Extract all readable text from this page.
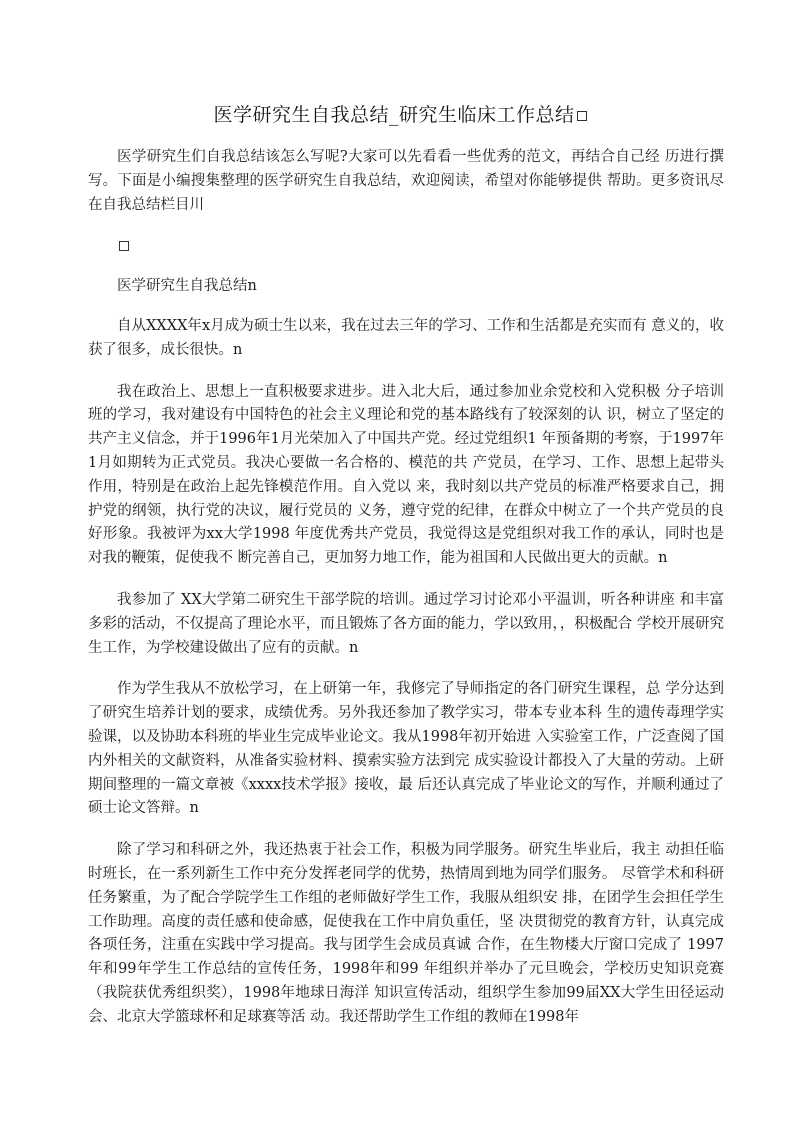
医学研究生自我总结_研究生临床工作总结

医学研究生们自我总结该怎么写呢?大家可以先看看一些优秀的范文，再结合自己经 历进行撰写。下面是小编搜集整理的医学研究生自我总结，欢迎阅读，希望对你能够提供 帮助。更多资讯尽在自我总结栏目川

医学研究生自我总结n

自从XXXX年x月成为硕士生以来，我在过去三年的学习、工作和生活都是充实而有 意义的，收获了很多，成长很快。n

我在政治上、思想上一直积极要求进步。进入北大后，通过参加业余党校和入党积极 分子培训班的学习，我对建设有中国特色的社会主义理论和党的基本路线有了较深刻的认 识，树立了坚定的共产主义信念，并于1996年1月光荣加入了中国共产党。经过党组织1 年预备期的考察，于1997年1月如期转为正式党员。我决心要做一名合格的、模范的共 产党员，在学习、工作、思想上起带头作用，特别是在政治上起先锋模范作用。自入党以 来，我时刻以共产党员的标准严格要求自己，拥护党的纲领，执行党的决议，履行党员的 义务，遵守党的纪律，在群众中树立了一个共产党员的良好形象。我被评为xx大学1998 年度优秀共产党员，我觉得这是党组织对我工作的承认，同时也是对我的鞭策，促使我不 断完善自己，更加努力地工作，能为祖国和人民做出更大的贡献。n

我参加了 XX大学第二研究生干部学院的培训。通过学习讨论邓小平温训，听各种讲座 和丰富多彩的活动，不仅提高了理论水平，而且锻炼了各方面的能力，学以致用，，积极配合 学校开展研究生工作，为学校建设做出了应有的贡献。n

作为学生我从不放松学习，在上研第一年，我修完了导师指定的各门研究生课程，总 学分达到了研究生培养计划的要求，成绩优秀。另外我还参加了教学实习，带本专业本科 生的遗传毒理学实验课，以及协助本科班的毕业生完成毕业论文。我从1998年初开始进 入实验室工作，广泛查阅了国内外相关的文献资料，从准备实验材料、摸索实验方法到完 成实验设计都投入了大量的劳动。上研期间整理的一篇文章被《xxxx技术学报》接收，最 后还认真完成了毕业论文的写作，并顺利通过了硕士论文答辩。n

除了学习和科研之外，我还热衷于社会工作，积极为同学服务。研究生毕业后，我主 动担任临时班长，在一系列新生工作中充分发挥老同学的优势，热情周到地为同学们服务。 尽管学术和科研任务繁重，为了配合学院学生工作组的老师做好学生工作，我服从组织安 排，在团学生会担任学生工作助理。高度的责任感和使命感，促使我在工作中肩负重任，坚 决贯彻党的教育方针，认真完成各项任务，注重在实践中学习提高。我与团学生会成员真诚 合作，在生物楼大厅窗口完成了 1997年和99年学生工作总结的宣传任务，1998年和99 年组织并举办了元旦晚会，学校历史知识竞赛（我院获优秀组织奖），1998年地球日海洋 知识宣传活动，组织学生参加99届XX大学生田径运动会、北京大学篮球杯和足球赛等活 动。我还帮助学生工作组的教师在1998年
